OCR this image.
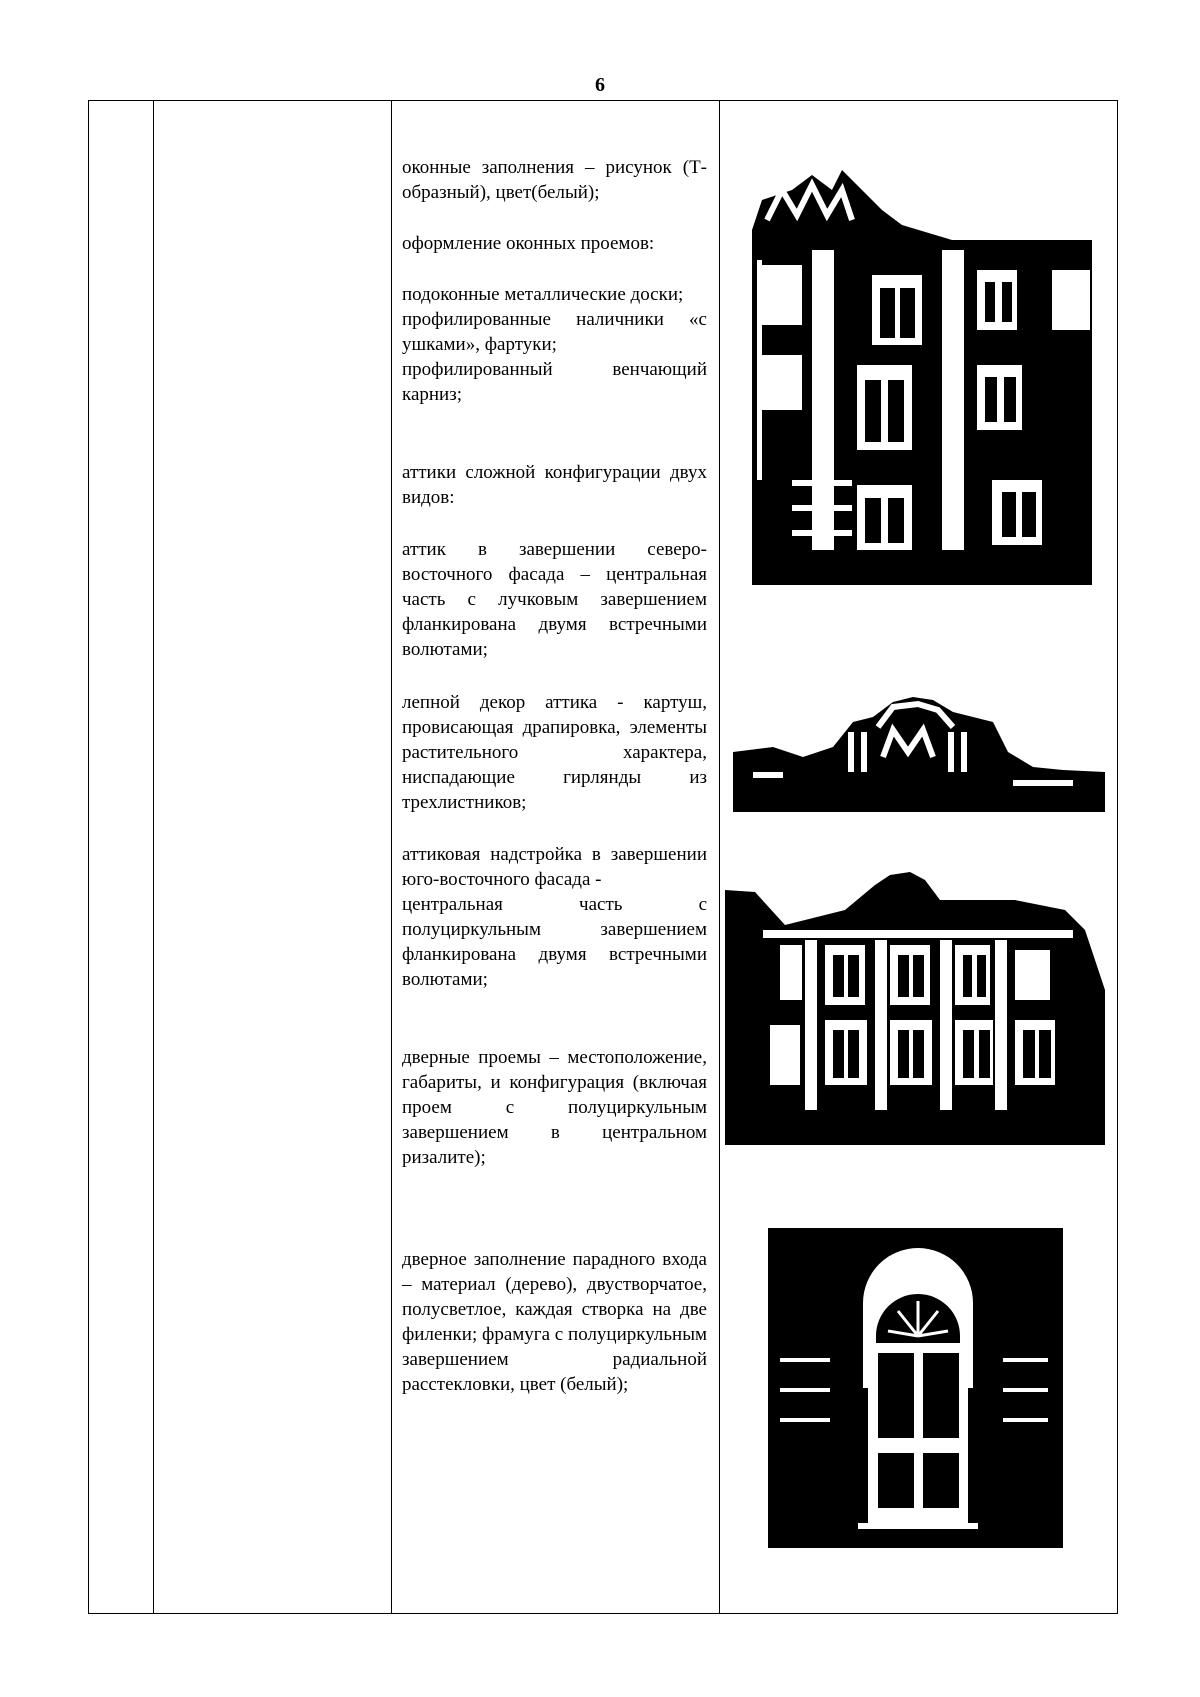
6

оконные заполнения – рисунок (Т-образный), цвет(белый);

оформление оконных проемов:

подоконные металлические доски;

профилированные наличники «с ушками», фартуки;

профилированный венчающий карниз;

аттики сложной конфигурации двух видов:

аттик в завершении северо-восточного фасада – центральная часть с лучковым завершением фланкирована двумя встречными волютами;

лепной декор аттика - картуш, провисающая драпировка, элементы растительного характера, ниспадающие гирлянды из трехлистников;

аттиковая надстройка в завершении юго-восточного фасада -

центральная часть с полуциркульным завершением фланкирована двумя встречными волютами;

дверные проемы – местоположение, габариты, и конфигурация (включая проем с полуциркульным завершением в центральном ризалите);

дверное заполнение парадного входа – материал (дерево), двустворчатое, полусветлое, каждая створка на две филенки; фрамуга с полуциркульным завершением радиальной расстекловки, цвет (белый);
